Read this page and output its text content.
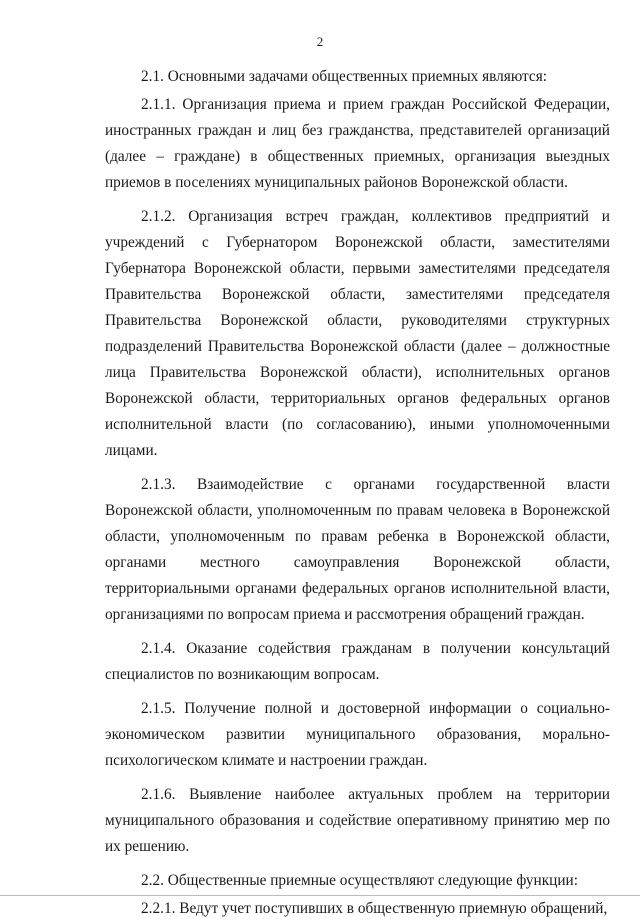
2

2.1. Основными задачами общественных приемных являются:

2.1.1. Организация приема и прием граждан Российской Федерации, иностранных граждан и лиц без гражданства, представителей организаций (далее – граждане) в общественных приемных, организация выездных приемов в поселениях муниципальных районов Воронежской области.

2.1.2. Организация встреч граждан, коллективов предприятий и учреждений с Губернатором Воронежской области, заместителями Губернатора Воронежской области, первыми заместителями председателя Правительства Воронежской области, заместителями председателя Правительства Воронежской области, руководителями структурных подразделений Правительства Воронежской области (далее – должностные лица Правительства Воронежской области), исполнительных органов Воронежской области, территориальных органов федеральных органов исполнительной власти (по согласованию), иными уполномоченными лицами.

2.1.3. Взаимодействие с органами государственной власти Воронежской области, уполномоченным по правам человека в Воронежской области, уполномоченным по правам ребенка в Воронежской области, органами местного самоуправления Воронежской области, территориальными органами федеральных органов исполнительной власти, организациями по вопросам приема и рассмотрения обращений граждан.

2.1.4. Оказание содействия гражданам в получении консультаций специалистов по возникающим вопросам.

2.1.5. Получение полной и достоверной информации о социально-экономическом развитии муниципального образования, морально-психологическом климате и настроении граждан.

2.1.6. Выявление наиболее актуальных проблем на территории муниципального образования и содействие оперативному принятию мер по их решению.

2.2. Общественные приемные осуществляют следующие функции:

2.2.1. Ведут учет поступивших в общественную приемную обращений,
